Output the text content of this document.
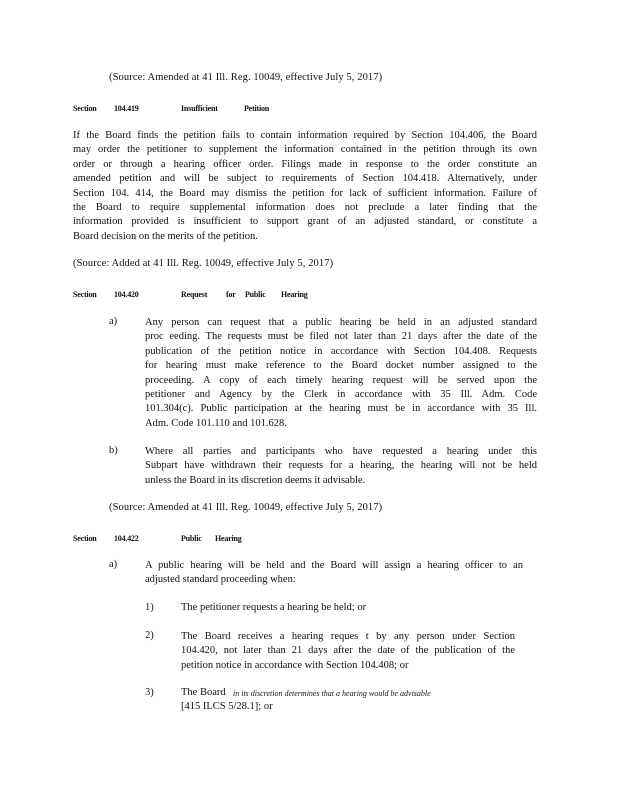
(Source: Amended at 41 Ill. Reg. 10049, effective July 5, 2017)
Section 104.419	Insufficient	Petition
If the Board finds the petition fails to contain information required by Section 104.406, the Board
may order the petitioner to supplement the information contained in the petition through its own
order or through a hearing officer order. Filings made in response to the order constitute an
amended petition and will be subject to requirements of Section 104.418. Alternatively, under
Section 104. 414, the Board may dismiss the petition for lack of sufficient information. Failure of
the Board to require supplemental information does not preclude a later finding that the
information provided is insufficient to support grant of an adjusted standard, or constitute a
Board decision on the merits of the petition.
(Source: Added at 41 Ill. Reg. 10049, effective July 5, 2017)
Section 104.420	Request for Public Hearing
a)	Any person can request that a public hearing be held in an adjusted standard
proc eeding. The requests must be filed not later than 21 days after the date of the
publication of the petition notice in accordance with Section 104.408. Requests
for hearing must make reference to the Board docket number assigned to the
proceeding. A copy of each timely hearing request will be served upon the
petitioner and Agency by the Clerk in accordance with 35 Ill. Adm. Code
101.304(c). Public participation at the hearing must be in accordance with 35 Ill.
Adm. Code 101.110 and 101.628.
b)	Where all parties and participants who have requested a hearing under this
Subpart have withdrawn their requests for a hearing, the hearing will not be held
unless the Board in its discretion deems it advisable.
(Source: Amended at 41 Ill. Reg. 10049, effective July 5, 2017)
Section 104.422	Public Hearing
a)	A public hearing will be held and the Board will assign a hearing officer to an
adjusted standard proceeding when:
1)	The petitioner requests a hearing be held; or
2)	The Board receives a hearing reques t by any person under Section
104.420, not later than 21 days after the date of the publication of the
petition notice in accordance with Section 104.408; or
3)	The Board in its discretion determines that a hearing would be advisable
[415 ILCS 5/28.1]; or
